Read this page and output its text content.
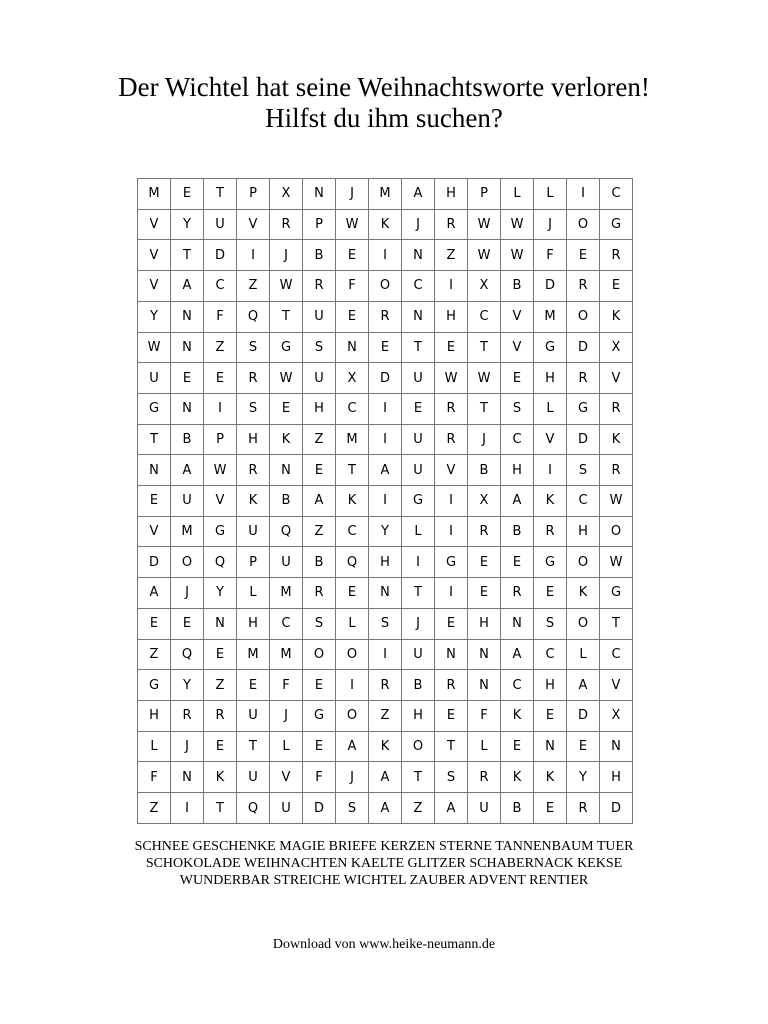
Der Wichtel hat seine Weihnachtsworte verloren!
Hilfst du ihm suchen?
M	E	T	P	X	N	J	M	A	H	P	L	L	I	C
V	Y	U	V	R	P	W	K	J	R	W	W	J	O	G
V	T	D	I	J	B	E	I	N	Z	W	W	F	E	R
V	A	C	Z	W	R	F	O	C	I	X	B	D	R	E
Y	N	F	Q	T	U	E	R	N	H	C	V	M	O	K
W	N	Z	S	G	S	N	E	T	E	T	V	G	D	X
U	E	E	R	W	U	X	D	U	W	W	E	H	R	V
G	N	I	S	E	H	C	I	E	R	T	S	L	G	R
T	B	P	H	K	Z	M	I	U	R	J	C	V	D	K
N	A	W	R	N	E	T	A	U	V	B	H	I	S	R
E	U	V	K	B	A	K	I	G	I	X	A	K	C	W
V	M	G	U	Q	Z	C	Y	L	I	R	B	R	H	O
D	O	Q	P	U	B	Q	H	I	G	E	E	G	O	W
A	J	Y	L	M	R	E	N	T	I	E	R	E	K	G
E	E	N	H	C	S	L	S	J	E	H	N	S	O	T
Z	Q	E	M	M	O	O	I	U	N	N	A	C	L	C
G	Y	Z	E	F	E	I	R	B	R	N	C	H	A	V
H	R	R	U	J	G	O	Z	H	E	F	K	E	D	X
L	J	E	T	L	E	A	K	O	T	L	E	N	E	N
F	N	K	U	V	F	J	A	T	S	R	K	K	Y	H
Z	I	T	Q	U	D	S	A	Z	A	U	B	E	R	D
SCHNEE GESCHENKE MAGIE BRIEFE KERZEN STERNE TANNENBAUM TUER
SCHOKOLADE WEIHNACHTEN KAELTE GLITZER SCHABERNACK KEKSE
WUNDERBAR STREICHE WICHTEL ZAUBER ADVENT RENTIER
Download von www.heike-neumann.de
